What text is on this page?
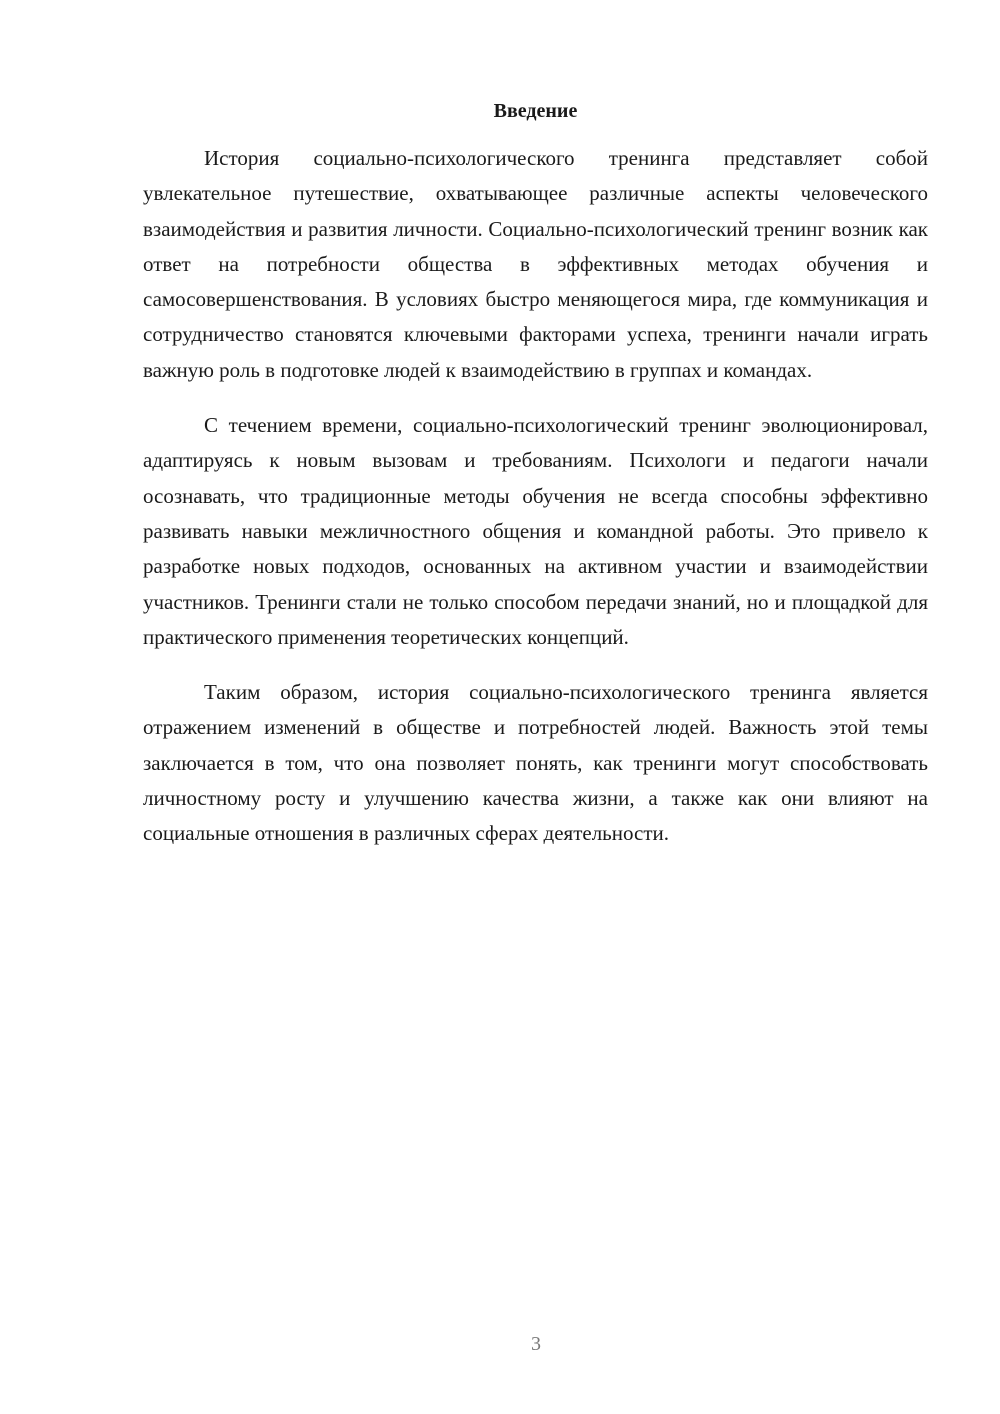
Введение

История социально-психологического тренинга представляет собой увлекательное путешествие, охватывающее различные аспекты человеческого взаимодействия и развития личности. Социально-психологический тренинг возник как ответ на потребности общества в эффективных методах обучения и самосовершенствования. В условиях быстро меняющегося мира, где коммуникация и сотрудничество становятся ключевыми факторами успеха, тренинги начали играть важную роль в подготовке людей к взаимодействию в группах и командах.

С течением времени, социально-психологический тренинг эволюционировал, адаптируясь к новым вызовам и требованиям. Психологи и педагоги начали осознавать, что традиционные методы обучения не всегда способны эффективно развивать навыки межличностного общения и командной работы. Это привело к разработке новых подходов, основанных на активном участии и взаимодействии участников. Тренинги стали не только способом передачи знаний, но и площадкой для практического применения теоретических концепций.

Таким образом, история социально-психологического тренинга является отражением изменений в обществе и потребностей людей. Важность этой темы заключается в том, что она позволяет понять, как тренинги могут способствовать личностному росту и улучшению качества жизни, а также как они влияют на социальные отношения в различных сферах деятельности.

3
